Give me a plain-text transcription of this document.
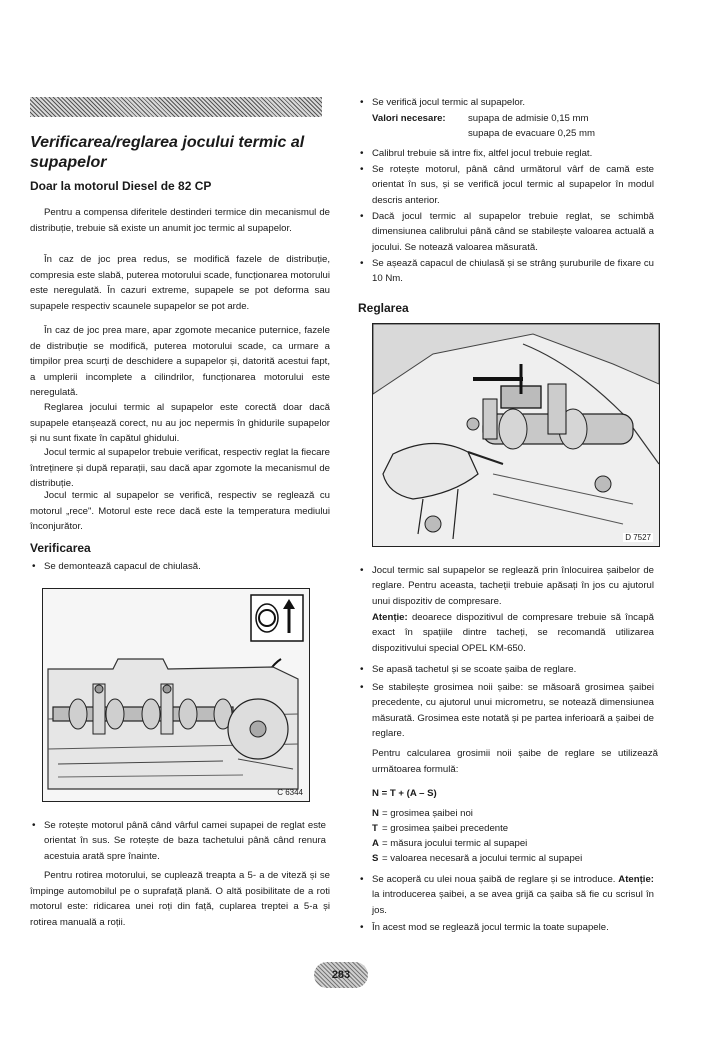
Verificarea/reglarea jocului termic al supapelor
Doar la motorul Diesel de 82 CP

Pentru a compensa diferitele destinderi termice din mecanismul de distribuție, trebuie să existe un anumit joc termic al supapelor.

În caz de joc prea redus, se modifică fazele de distribuție, compresia este slabă, puterea motorului scade, funcționarea motorului este neregulată. În cazuri extreme, supapele se pot deforma sau supapele respectiv scaunele supapelor se pot arde.

În caz de joc prea mare, apar zgomote mecanice puternice, fazele de distribuție se modifică, puterea motorului scade, ca urmare a timpilor prea scurți de deschidere a supapelor și, datorită acestui fapt, a umplerii incomplete a cilindrilor, funcționarea motorului este neregulată.

Reglarea jocului termic al supapelor este corectă doar dacă supapele etanșează corect, nu au joc nepermis în ghidurile supapelor și nu sunt fixate în capătul ghidului.

Jocul termic al supapelor trebuie verificat, respectiv reglat la fiecare întreținere și după reparații, sau dacă apar zgomote la mecanismul de distribuție.

Jocul termic al supapelor se verifică, respectiv se reglează cu motorul „rece". Motorul este rece dacă este la temperatura mediului înconjurător.

Verificarea

• Se demontează capacul de chiulasă.

C 6344

• Se rotește motorul până când vârful camei supapei de reglat este orientat în sus. Se rotește de baza tachetului până când renura acestuia arată spre înainte.

Pentru rotirea motorului, se cuplează treapta a 5- a de viteză și se împinge automobilul pe o suprafață plană. O altă posibilitate de a roti motorul este: ridicarea unei roți din față, cuplarea treptei a 5-a și rotirea manuală a roții.

• Se verifică jocul termic al supapelor.

Valori necesare:	supapa de admisie 0,15 mm
supapa de evacuare 0,25 mm

• Calibrul trebuie să intre fix, altfel jocul trebuie reglat.

• Se rotește motorul, până când următorul vârf de camă este orientat în sus, și se verifică jocul termic al supapelor în modul descris anterior.

• Dacă jocul termic al supapelor trebuie reglat, se schimbă dimensiunea calibrului până când se stabilește valoarea actuală a jocului. Se notează valoarea măsurată.

• Se așează capacul de chiulasă și se strâng șuruburile de fixare cu 10 Nm.

Reglarea
D 7527

• Jocul termic sal supapelor se reglează prin înlocuirea șaibelor de reglare. Pentru aceasta, tacheții trebuie apăsați în jos cu ajutorul unui dispozitiv de compresare.

Atenție: deoarece dispozitivul de compresare trebuie să încapă exact în spațiile dintre tacheți, se recomandă utilizarea dispozitivului special OPEL KM-650.

• Se apasă tachetul și se scoate șaiba de reglare.

• Se stabilește grosimea noii șaibe: se măsoară grosimea șaibei precedente, cu ajutorul unui micrometru, se notează dimensiunea măsurată. Grosimea este notată și pe partea inferioară a șaibei de reglare.

Pentru calcularea grosimii noii șaibe de reglare se utilizează următoarea formulă:

N = T + (A – S)

N = grosimea șaibei noi
T = grosimea șaibei precedente
A = măsura jocului termic al supapei
S = valoarea necesară a jocului termic al supapei

• Se acoperă cu ulei noua șaibă de reglare și se introduce. Atenție: la introducerea șaibei, a se avea grijă ca șaiba să fie cu scrisul în jos.

• În acest mod se reglează jocul termic la toate supapele.

283
